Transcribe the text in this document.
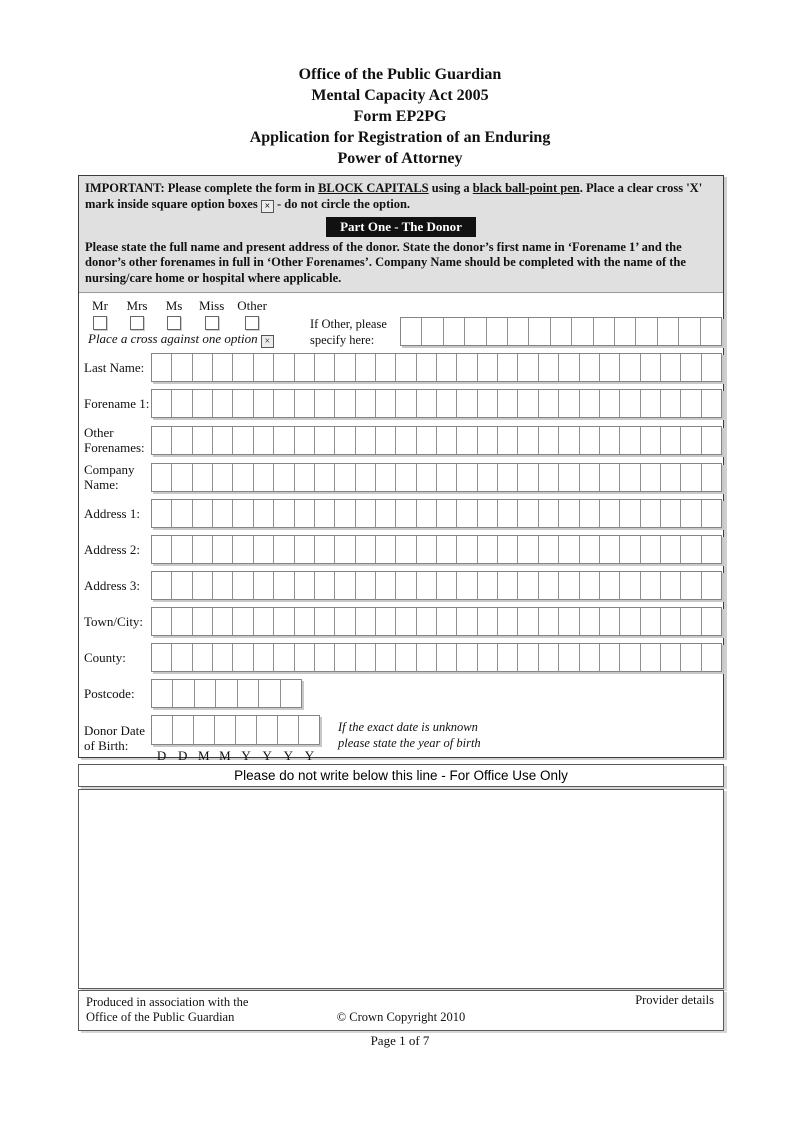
Office of the Public Guardian
Mental Capacity Act 2005
Form EP2PG
Application for Registration of an Enduring
Power of Attorney
IMPORTANT: Please complete the form in BLOCK CAPITALS using a black ball-point pen. Place a clear cross 'X' mark inside square option boxes × - do not circle the option.
Part One - The Donor
Please state the full name and present address of the donor. State the donor’s first name in ‘Forename 1’ and the donor’s other forenames in full in ‘Other Forenames’. Company Name should be completed with the name of the nursing/care home or hospital where applicable.
Mr Mrs Ms Miss Other
Place a cross against one option ×
If Other, please
specify here:
Last Name:
Forename 1:
Other
Forenames:
Company
Name:
Address 1:
Address 2:
Address 3:
Town/City:
County:
Postcode:
Donor Date
of Birth:
D D M M Y Y Y Y
If the exact date is unknown
please state the year of birth
Please do not write below this line - For Office Use Only
Produced in association with the
Office of the Public Guardian	© Crown Copyright 2010
Provider details
Page 1 of 7
